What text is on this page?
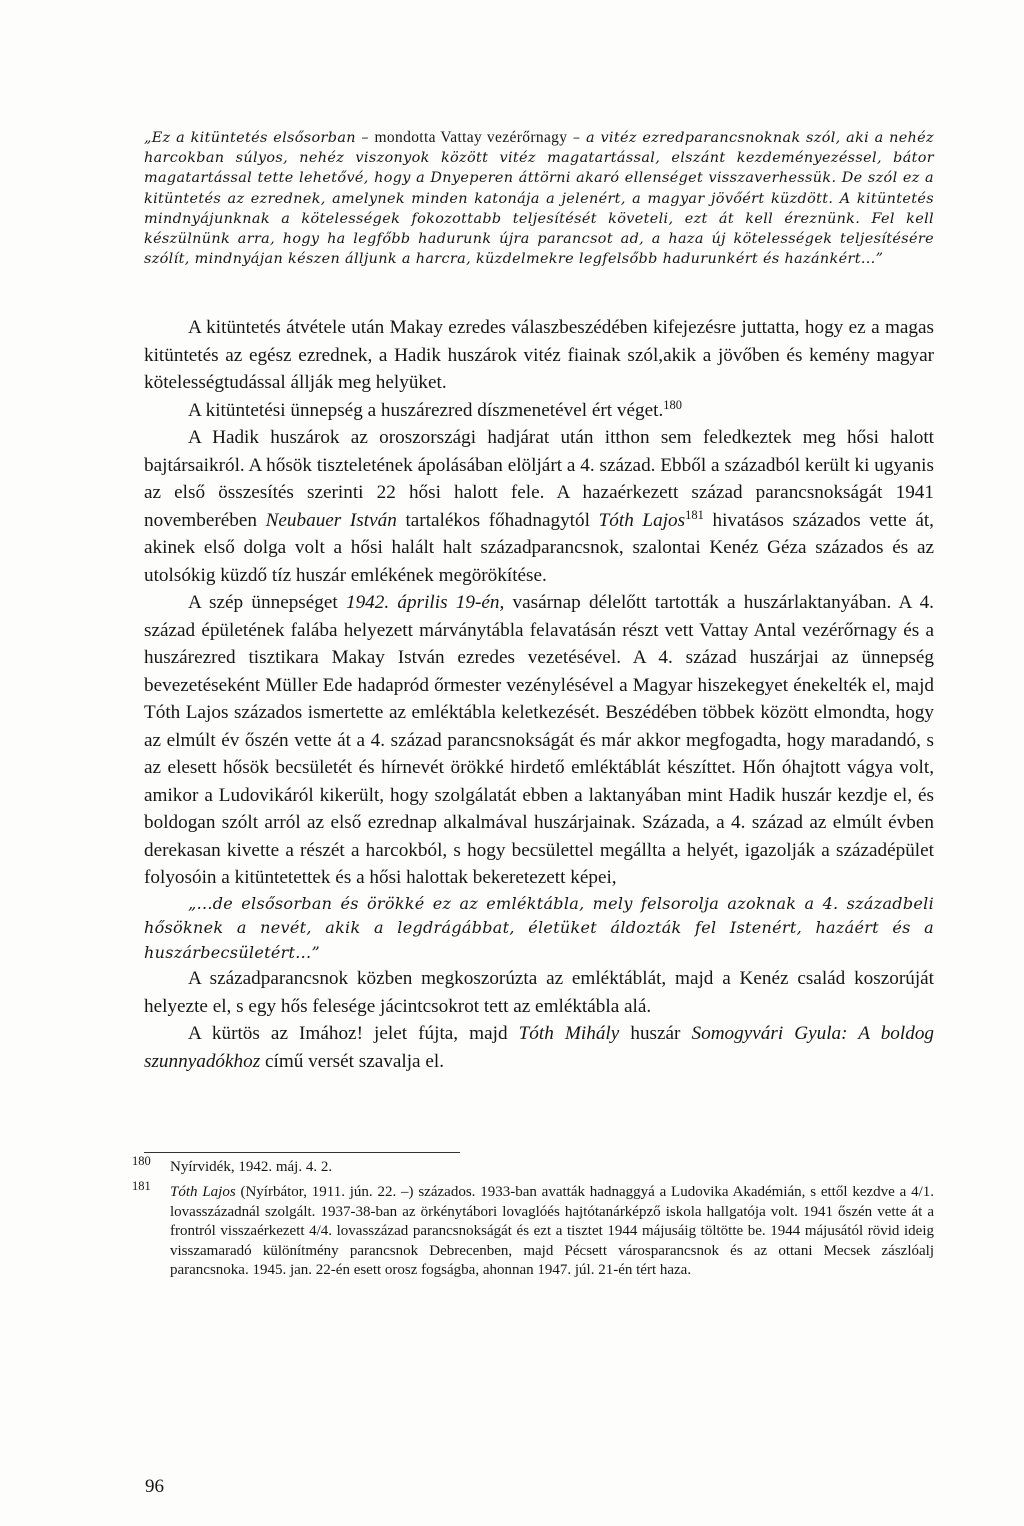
„Ez a kitüntetés elsősorban – mondotta Vattay vezérőrnagy – a vitéz ezredparancsnoknak szól, aki a nehéz harcokban súlyos, nehéz viszonyok között vitéz magatartással, elszánt kezdeményezéssel, bátor magatartással tette lehetővé, hogy a Dnyeperen áttörni akaró ellenséget visszaverhessük. De szól ez a kitüntetés az ezrednek, amelynek minden katonája a jelenért, a magyar jövőért küzdött. A kitüntetés mindnyájunknak a kötelességek fokozottabb teljesítését követeli, ezt át kell éreznünk. Fel kell készülnünk arra, hogy ha legfőbb hadurunk újra parancsot ad, a haza új kötelességek teljesítésére szólít, mindnyájan készen álljunk a harcra, küzdelmekre legfelsőbb hadurunkért és hazánkért...”

A kitüntetés átvétele után Makay ezredes válaszbeszédében kifejezésre juttatta, hogy ez a magas kitüntetés az egész ezrednek, a Hadik huszárok vitéz fiainak szól,akik a jövőben és kemény magyar kötelességtudással állják meg helyüket.

A kitüntetési ünnepség a huszárezred díszmenetével ért véget.$^{180}$

A Hadik huszárok az oroszországi hadjárat után itthon sem feledkeztek meg hősi halott bajtársaikról. A hősök tiszteletének ápolásában elöljárt a 4. század. Ebből a századból került ki ugyanis az első összesítés szerinti 22 hősi halott fele. A hazaérkezett század parancsnokságát 1941 novemberében Neubauer István tartalékos főhadnagytól Tóth Lajos$^{181}$ hivatásos százados vette át, akinek első dolga volt a hősi halált halt századparancsnok, szalontai Kenéz Géza százados és az utolsókig küzdő tíz huszár emlékének megörökítése.

A szép ünnepséget 1942. április 19-én, vasárnap délelőtt tartották a huszárlaktanyában. A 4. század épületének falába helyezett márványtábla felavatásán részt vett Vattay Antal vezérőrnagy és a huszárezred tisztikara Makay István ezredes vezetésével. A 4. század huszárjai az ünnepség bevezetéseként Müller Ede hadapród őrmester vezénylésével a Magyar hiszekegyet énekelték el, majd Tóth Lajos százados ismertette az emléktábla keletkezését. Beszédében többek között elmondta, hogy az elmúlt év őszén vette át a 4. század parancsnokságát és már akkor megfogadta, hogy maradandó, s az elesett hősök becsületét és hírnevét örökké hirdető emléktáblát készíttet. Hőn óhajtott vágya volt, amikor a Ludovikáról kikerült, hogy szolgálatát ebben a laktanyában mint Hadik huszár kezdje el, és boldogan szólt arról az első ezrednap alkalmával huszárjainak. Százada, a 4. század az elmúlt évben derekasan kivette a részét a harcokból, s hogy becsülettel megállta a helyét, igazolják a századépület folyosóin a kitüntetettek és a hősi halottak bekeretezett képei,

„...de elsősorban és örökké ez az emléktábla, mely felsorolja azoknak a 4. századbeli hősöknek a nevét, akik a legdrágábbat, életüket áldozták fel Istenért, hazáért és a huszárbecsületért...”

A századparancsnok közben megkoszorúzta az emléktáblát, majd a Kenéz család koszorúját helyezte el, s egy hős felesége jácintcsokrot tett az emléktábla alá.

A kürtös az Imához! jelet fújta, majd Tóth Mihály huszár Somogyvári Gyula: A boldog szunnyadókhoz című versét szavalja el.

180 Nyírvidék, 1942. máj. 4. 2.
181 Tóth Lajos (Nyírbátor, 1911. jún. 22. –) százados. 1933-ban avatták hadnaggyá a Ludovika Akadémián, s ettől kezdve a 4/1. lovasszázadnál szolgált. 1937-38-ban az örkénytábori lovaglóés hajtótanárképző iskola hallgatója volt. 1941 őszén vette át a frontról visszaérkezett 4/4. lovasszázad parancsnokságát és ezt a tisztet 1944 májusáig töltötte be. 1944 májusától rövid ideig visszamaradó különítmény parancsnok Debrecenben, majd Pécsett városparancsnok és az ottani Mecsek zászlóalj parancsnoka. 1945. jan. 22-én esett orosz fogságba, ahonnan 1947. júl. 21-én tért haza.
96
